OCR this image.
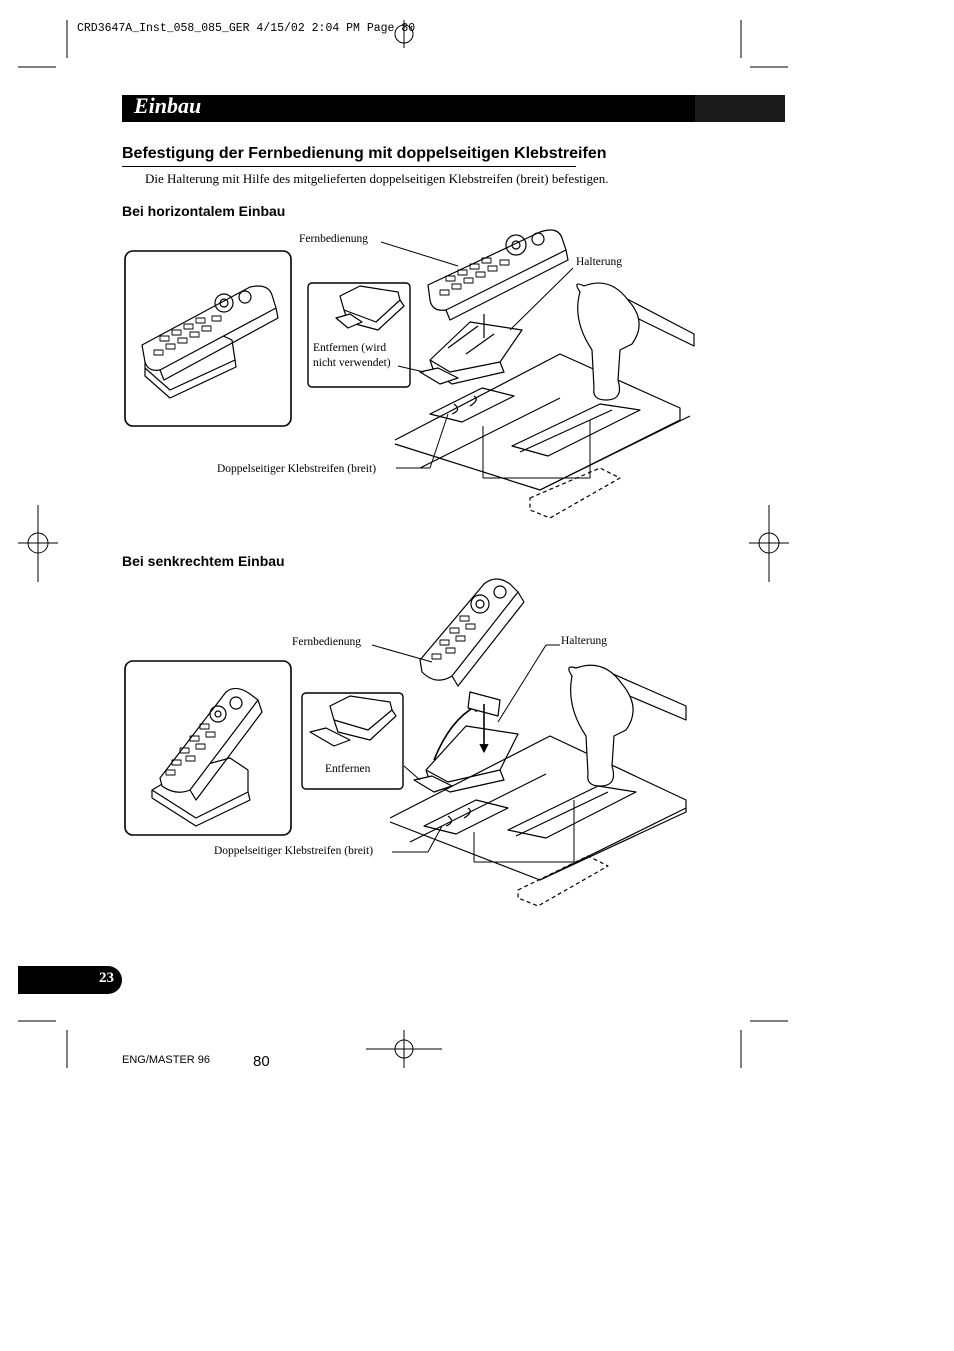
CRD3647A_Inst_058_085_GER 4/15/02 2:04 PM Page 80
Einbau
Befestigung der Fernbedienung mit doppelseitigen Klebstreifen
Die Halterung mit Hilfe des mitgelieferten doppelseitigen Klebstreifen (breit) befestigen.
Bei horizontalem Einbau
Fernbedienung
Halterung
Entfernen (wird
nicht verwendet)
Doppelseitiger Klebstreifen (breit)
Bei senkrechtem Einbau
Fernbedienung	Halterung
Entfernen
Doppelseitiger Klebstreifen (breit)
23
ENG/MASTER 96	80
